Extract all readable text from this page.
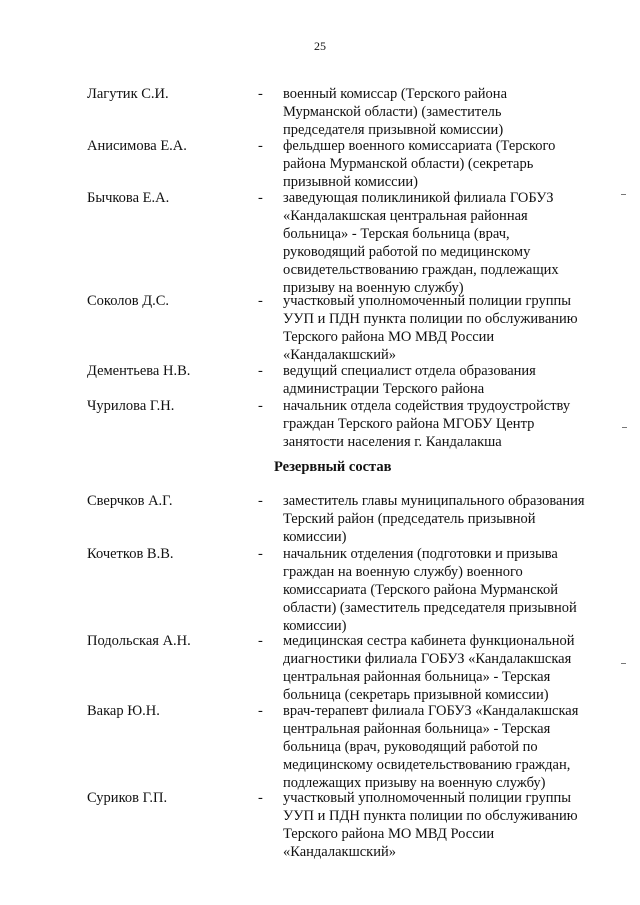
25
Лагутик С.И.	- военный комиссар (Терского района
Мурманской области) (заместитель
председателя призывной комиссии)
Анисимова Е.А.	- фельдшер военного комиссариата (Терского
района Мурманской области) (секретарь
призывной комиссии)
Бычкова Е.А.	- заведующая поликлиникой филиала ГОБУЗ
«Кандалакшская центральная районная
больница» - Терская больница (врач,
руководящий работой по медицинскому
освидетельствованию граждан, подлежащих
призыву на военную службу)
Соколов Д.С.	- участковый уполномоченный полиции группы
УУП и ПДН пункта полиции по обслуживанию
Терского района МО МВД России
«Кандалакшский»
Дементьева Н.В.	- ведущий специалист отдела образования
администрации Терского района
Чурилова Г.Н.	- начальник отдела содействия трудоустройству
граждан Терского района МГОБУ Центр
занятости населения г. Кандалакша
Резервный состав
Сверчков А.Г.	- заместитель главы муниципального образования
Терский район (председатель призывной
комиссии)
Кочетков В.В.	- начальник отделения (подготовки и призыва
граждан на военную службу) военного
комиссариата (Терского района Мурманской
области) (заместитель председателя призывной
комиссии)
Подольская А.Н.	- медицинская сестра кабинета функциональной
диагностики филиала ГОБУЗ «Кандалакшская
центральная районная больница» - Терская
больница (секретарь призывной комиссии)
Вакар Ю.Н.	- врач-терапевт филиала ГОБУЗ «Кандалакшская
центральная районная больница» - Терская
больница (врач, руководящий работой по
медицинскому освидетельствованию граждан,
подлежащих призыву на военную службу)
Суриков Г.П.	- участковый уполномоченный полиции группы
УУП и ПДН пункта полиции по обслуживанию
Терского района МО МВД России
«Кандалакшский»
